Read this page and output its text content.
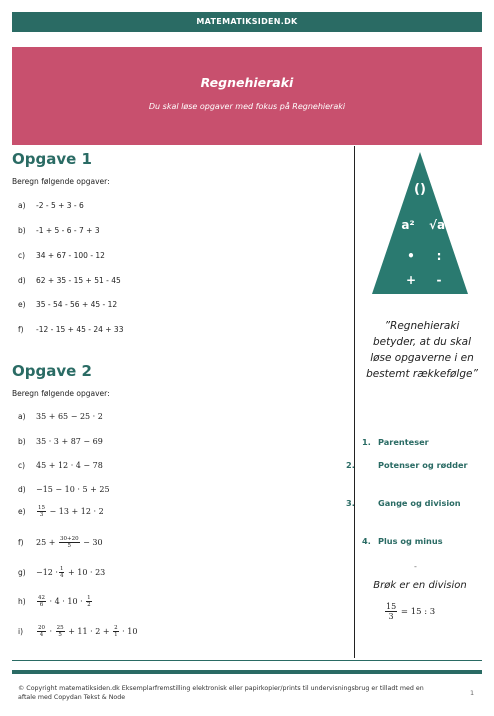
MATEMATIKSIDEN.DK
Regnehieraki
Du skal løse opgaver med fokus på Regnehieraki
Opgave 1
Beregn følgende opgaver:
a) -2 - 5 + 3 - 6
b) -1 + 5 - 6 - 7 + 3
c) 34 + 67 - 100 - 12
d) 62 + 35 - 15 + 51 - 45
e) 35 - 54 - 56 + 45 - 12
f) -12 - 15 + 45 - 24 + 33
Opgave 2
Beregn følgende opgaver:
a) 35 + 65 − 25 · 2
b) 35 · 3 + 87 − 69
c) 45 + 12 · 4 − 78
d) −15 − 10 · 5 + 25
$e) \frac{15}{3} - 13 + 12 \cdot 2$
f) $25 + \frac{30+20}{5} - 30$
$g) -12 \cdot \frac{1}{4} + 10 \cdot 23$
$h) \frac{42}{6} \cdot 4 \cdot 10 \cdot \frac{1}{2}$
i)	$\frac{20}{4} \cdot \frac{25}{5} + 11 \cdot 2 + \frac{2}{1} \cdot 10$
()
a² √a
• :
+ -
”Regnehieraki betyder, at du skal løse opgaverne i en bestemt rækkefølge”
1. Parenteser
2.	Potenser og rødder
3.	Gange og division
4. Plus og minus
-
Brøk er en division
$\frac{15}{3} = 15$ : 3
© Copyright matematiksiden.dk Eksemplarfremstilling elektronisk eller papirkopier/prints til undervisningsbrug er tilladt med en aftale med Copydan Tekst & Node
1
